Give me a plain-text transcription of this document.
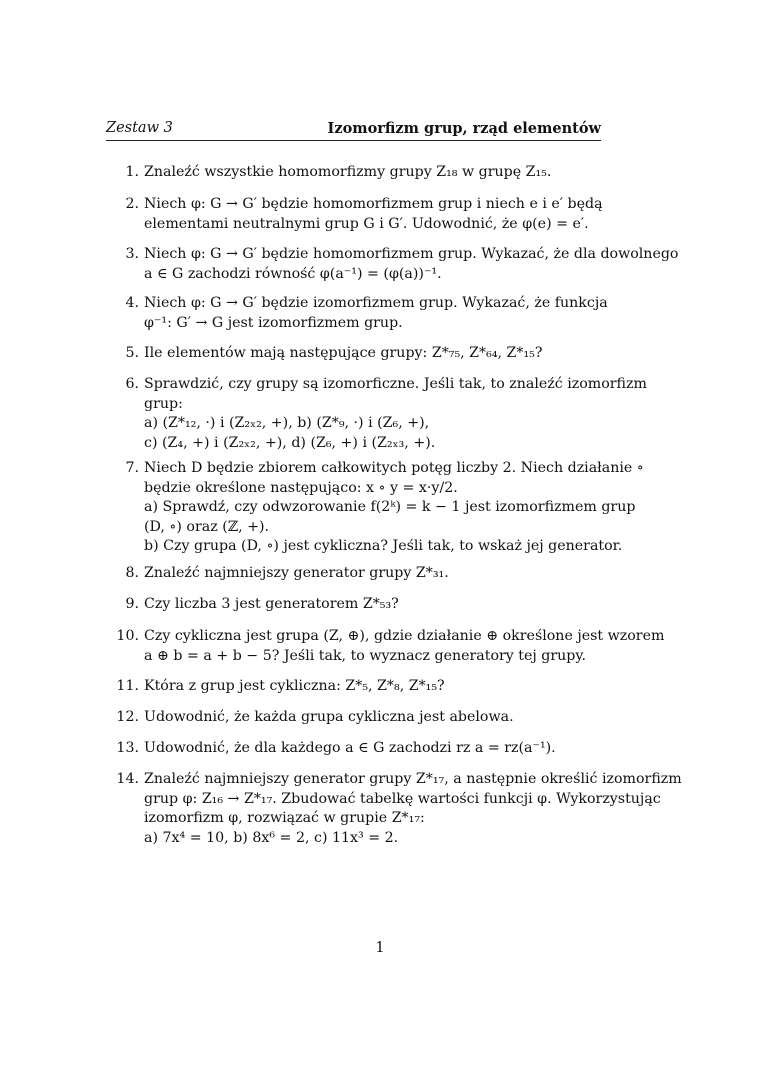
Zestaw 3	Izomorfizm grup, rząd elementów
1. Znaleźć wszystkie homomorfizmy grupy Z₁₈ w grupę Z₁₅.

2. Niech φ: G → G′ będzie homomorfizmem grup i niech e i e′ będą

elementami neutralnymi grup G i G′. Udowodnić, że φ(e) = e′.

3. Niech φ: G → G′ będzie homomorfizmem grup. Wykazać, że dla dowolnego

a ∈ G zachodzi równość φ(a⁻¹) = (φ(a))⁻¹.

4. Niech φ: G → G′ będzie izomorfizmem grup. Wykazać, że funkcja

φ⁻¹: G′ → G jest izomorfizmem grup.

5. Ile elementów mają następujące grupy: Z*₇₅, Z*₆₄, Z*₁₅?

6. Sprawdzić, czy grupy są izomorficzne. Jeśli tak, to znaleźć izomorfizm

grup:

a) (Z*₁₂, ·) i (Z₂ₓ₂, +), b) (Z*₉, ·) i (Z₆, +),

c) (Z₄, +) i (Z₂ₓ₂, +), d) (Z₆, +) i (Z₂ₓ₃, +).

7. Niech D będzie zbiorem całkowitych potęg liczby 2. Niech działanie ∘

będzie określone następująco: x ∘ y = x·y/2.

a) Sprawdź, czy odwzorowanie f(2ᵏ) = k − 1 jest izomorfizmem grup

(D, ∘) oraz (ℤ, +).

b) Czy grupa (D, ∘) jest cykliczna? Jeśli tak, to wskaż jej generator.

8. Znaleźć najmniejszy generator grupy Z*₃₁.

9. Czy liczba 3 jest generatorem Z*₅₃?

10. Czy cykliczna jest grupa (Z, ⊕), gdzie działanie ⊕ określone jest wzorem

a ⊕ b = a + b − 5? Jeśli tak, to wyznacz generatory tej grupy.

11. Która z grup jest cykliczna: Z*₅, Z*₈, Z*₁₅?

12. Udowodnić, że każda grupa cykliczna jest abelowa.

13. Udowodnić, że dla każdego a ∈ G zachodzi rz a = rz(a⁻¹).

14. Znaleźć najmniejszy generator grupy Z*₁₇, a następnie określić izomorfizm

grup φ: Z₁₆ → Z*₁₇. Zbudować tabelkę wartości funkcji φ. Wykorzystując

izomorfizm φ, rozwiązać w grupie Z*₁₇:

a) 7x⁴ = 10, b) 8x⁶ = 2, c) 11x³ = 2.

1
